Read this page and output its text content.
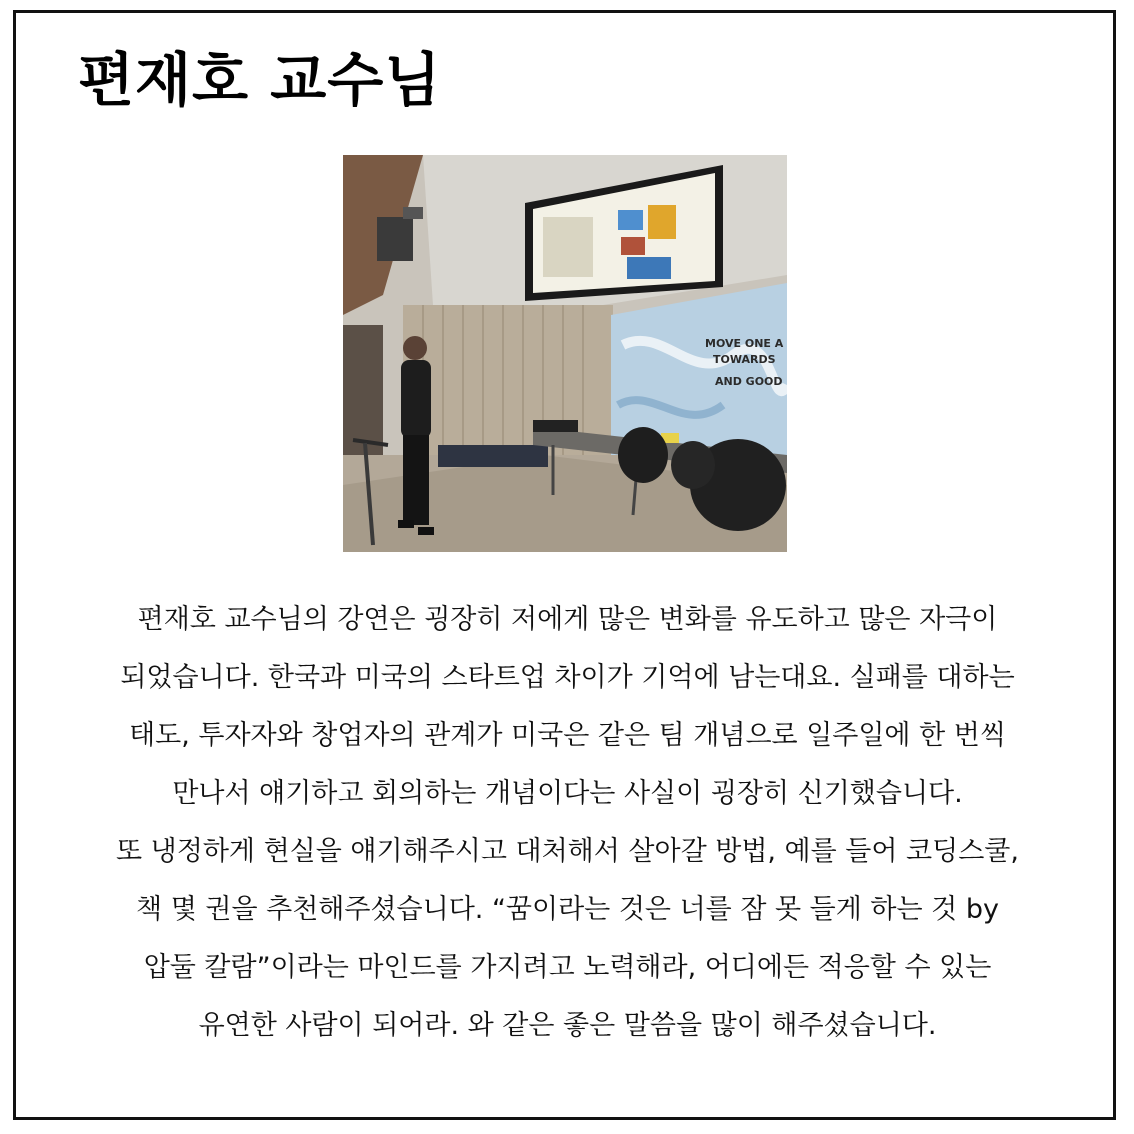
편재호 교수님
MOVE ONE A
TOWARDS
AND GOOD
편재호 교수님의 강연은 굉장히 저에게 많은 변화를 유도하고 많은 자극이
되었습니다. 한국과 미국의 스타트업 차이가 기억에 남는대요. 실패를 대하는
태도, 투자자와 창업자의 관계가 미국은 같은 팀 개념으로 일주일에 한 번씩
만나서 얘기하고 회의하는 개념이다는 사실이 굉장히 신기했습니다.
또 냉정하게 현실을 얘기해주시고 대처해서 살아갈 방법, 예를 들어 코딩스쿨,
책 몇 권을 추천해주셨습니다. “꿈이라는 것은 너를 잠 못 들게 하는 것 by
압둘 칼람”이라는 마인드를 가지려고 노력해라, 어디에든 적응할 수 있는
유연한 사람이 되어라. 와 같은 좋은 말씀을 많이 해주셨습니다.
